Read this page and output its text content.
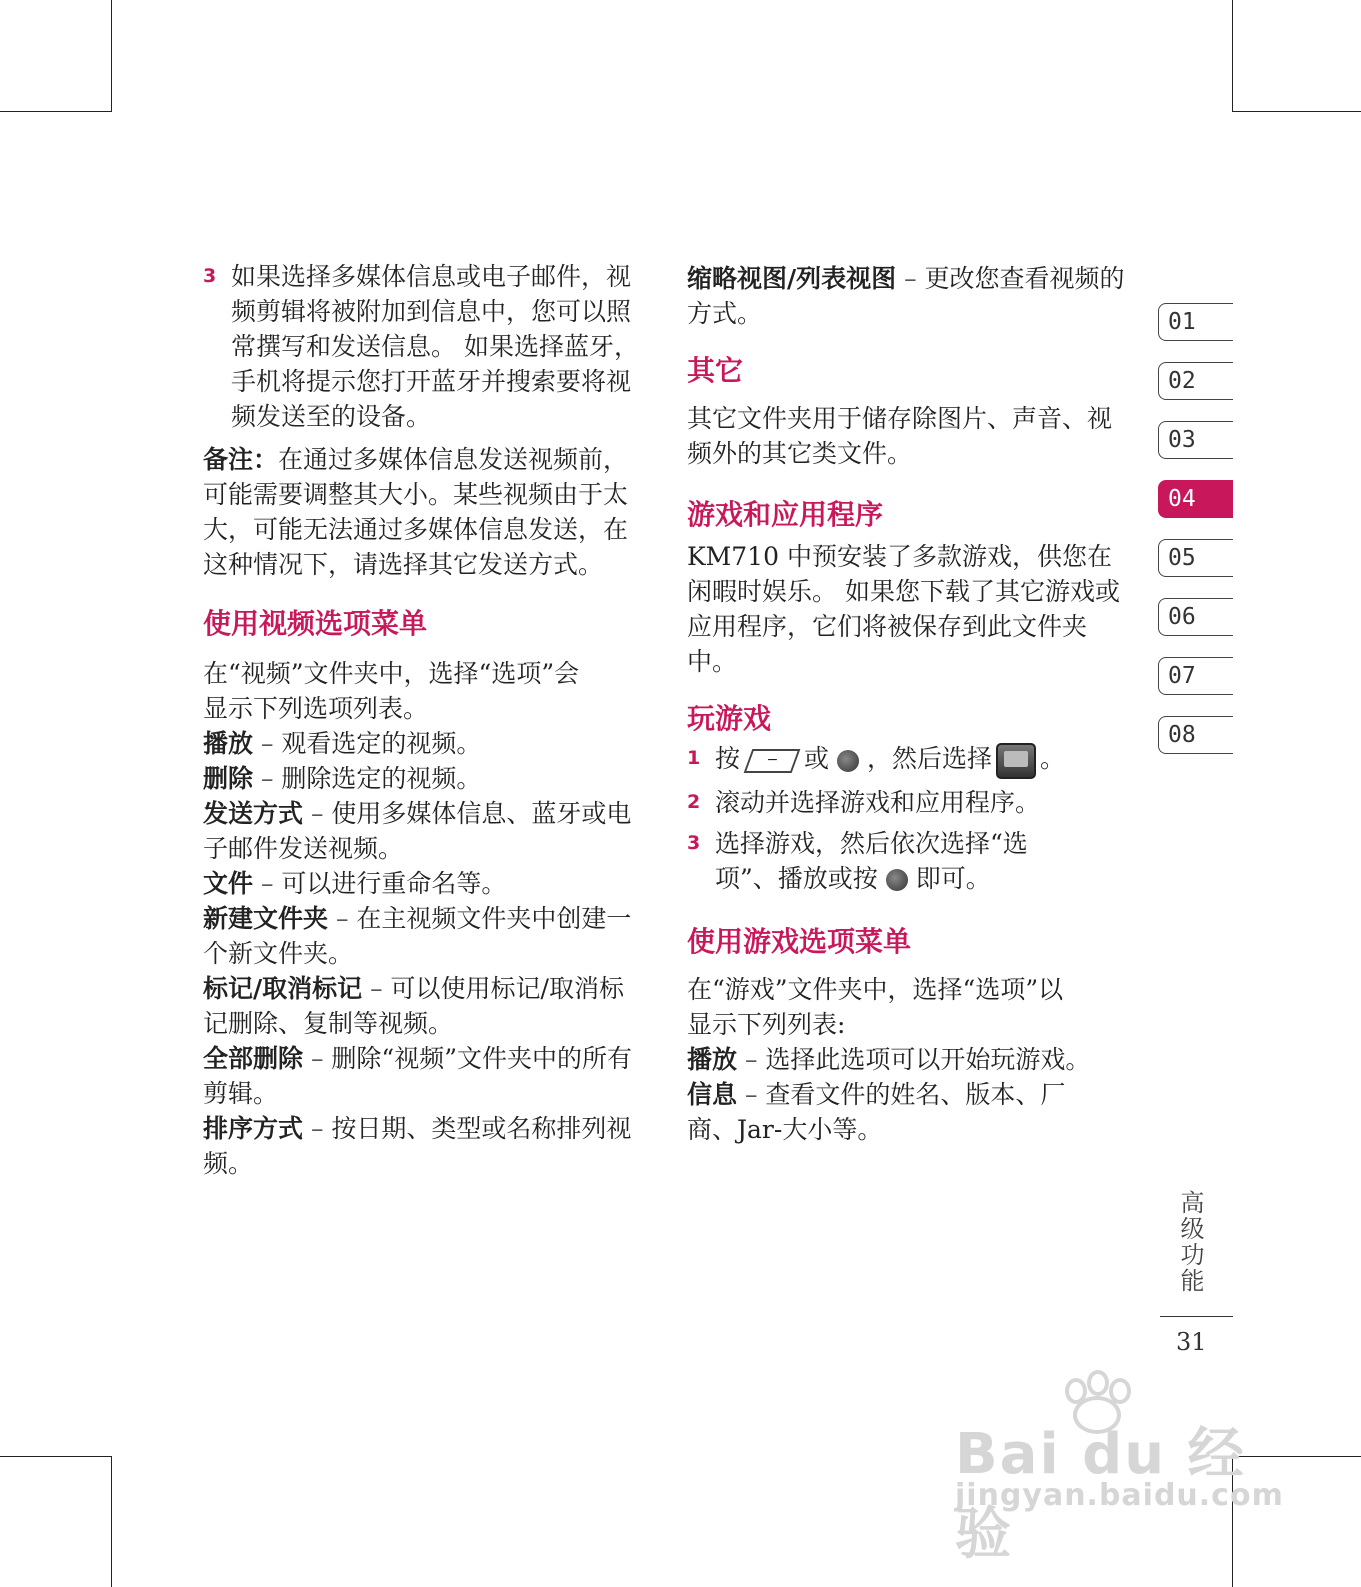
3 如果选择多媒体信息或电子邮件，视频剪辑将被附加到信息中，您可以照常撰写和发送信息。 如果选择蓝牙，手机将提示您打开蓝牙并搜索要将视频发送至的设备。

备注：在通过多媒体信息发送视频前，可能需要调整其大小。某些视频由于太大，可能无法通过多媒体信息发送，在这种情况下，请选择其它发送方式。

使用视频选项菜单

在“视频”文件夹中，选择“选项”会显示下列选项列表。

播放 – 观看选定的视频。

删除 – 删除选定的视频。

发送方式 – 使用多媒体信息、蓝牙或电子邮件发送视频。

文件 – 可以进行重命名等。

新建文件夹 – 在主视频文件夹中创建一个新文件夹。

标记/取消标记 – 可以使用标记/取消标记删除、复制等视频。

全部删除 – 删除“视频”文件夹中的所有剪辑。

排序方式 – 按日期、类型或名称排列视频。

缩略视图/列表视图 – 更改您查看视频的方式。

其它

其它文件夹用于储存除图片、声音、视频外的其它类文件。

游戏和应用程序

KM710 中预安装了多款游戏，供您在闲暇时娱乐。 如果您下载了其它游戏或应用程序，它们将被保存到此文件夹中。

玩游戏
1 按 − 或 ，然后选择 。
2 滚动并选择游戏和应用程序。
3 选择游戏，然后依次选择“选项”、播放或按 即可。
使用游戏选项菜单

在“游戏”文件夹中，选择“选项”以显示下列列表:

播放 – 选择此选项可以开始玩游戏。

信息 – 查看文件的姓名、版本、厂商、Jar-大小等。

01
02
03
04
05
06
07
08
高级功能
31
Bai du 经验
jingyan.baidu.com
